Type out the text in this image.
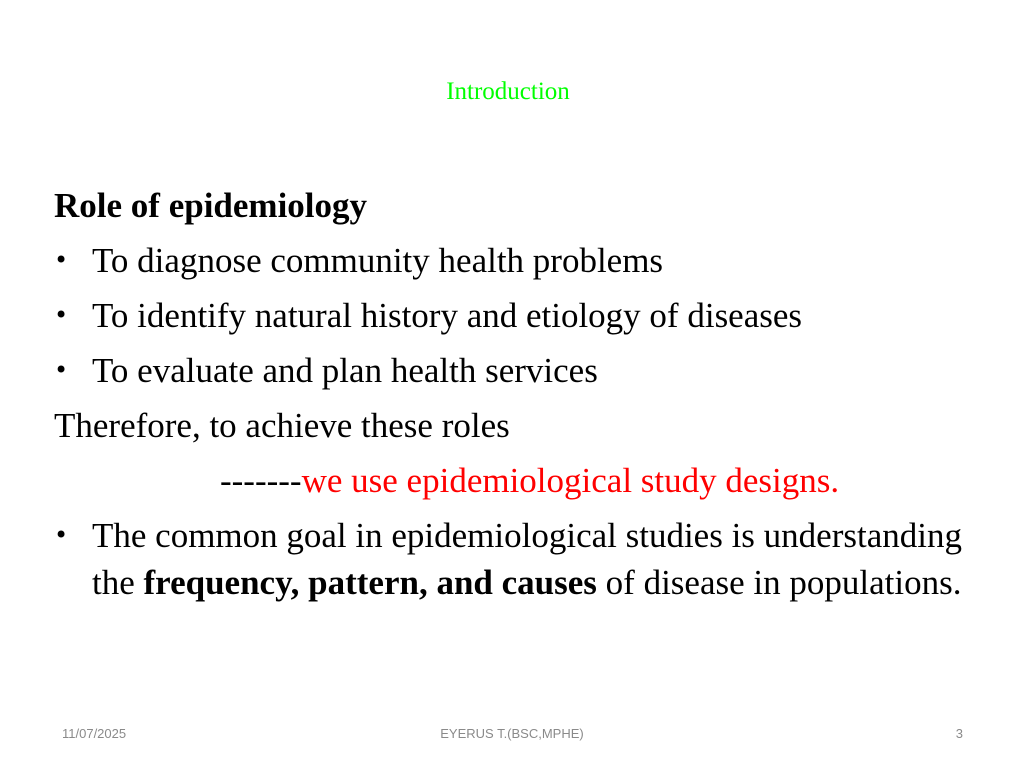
Introduction
Role of epidemiology
• To diagnose community health problems
• To identify natural history and etiology of diseases
• To evaluate and plan health services
Therefore, to achieve these roles
-------we use epidemiological study designs.
• The common goal in epidemiological studies is understanding the frequency, pattern, and causes of disease in populations.
11/07/2025	EYERUS T.(BSC,MPHE)	3
